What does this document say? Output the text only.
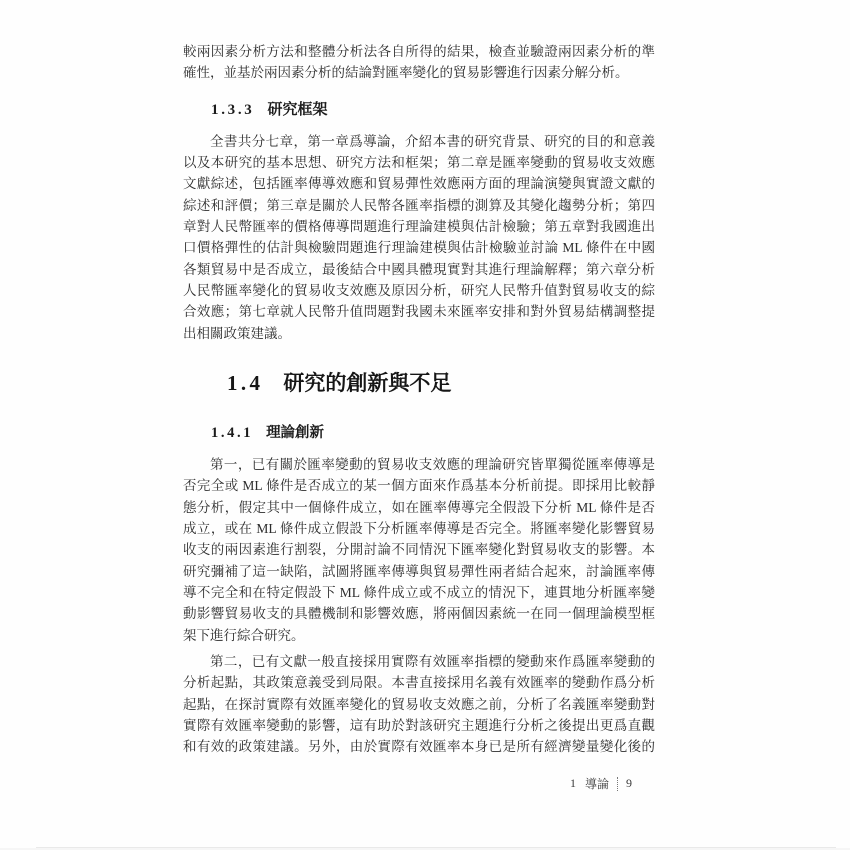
較兩因素分析方法和整體分析法各自所得的結果，檢查並驗證兩因素分析的準
確性，並基於兩因素分析的結論對匯率變化的貿易影響進行因素分解分析。
1.3.3 研究框架
全書共分七章，第一章爲導論，介紹本書的研究背景、研究的目的和意義
以及本研究的基本思想、研究方法和框架；第二章是匯率變動的貿易收支效應
文獻綜述，包括匯率傳導效應和貿易彈性效應兩方面的理論演變與實證文獻的
綜述和評價；第三章是關於人民幣各匯率指標的測算及其變化趨勢分析；第四
章對人民幣匯率的價格傳導問題進行理論建模與估計檢驗；第五章對我國進出
口價格彈性的估計與檢驗問題進行理論建模與估計檢驗並討論 ML 條件在中國
各類貿易中是否成立，最後結合中國具體現實對其進行理論解釋；第六章分析
人民幣匯率變化的貿易收支效應及原因分析，研究人民幣升值對貿易收支的綜
合效應；第七章就人民幣升值問題對我國未來匯率安排和對外貿易結構調整提
出相關政策建議。
1.4 研究的創新與不足
1.4.1 理論創新
第一，已有關於匯率變動的貿易收支效應的理論研究皆單獨從匯率傳導是
否完全或 ML 條件是否成立的某一個方面來作爲基本分析前提。即採用比較靜
態分析，假定其中一個條件成立，如在匯率傳導完全假設下分析 ML 條件是否
成立，或在 ML 條件成立假設下分析匯率傳導是否完全。將匯率變化影響貿易
收支的兩因素進行割裂，分開討論不同情況下匯率變化對貿易收支的影響。本
研究彌補了這一缺陷，試圖將匯率傳導與貿易彈性兩者結合起來，討論匯率傳
導不完全和在特定假設下 ML 條件成立或不成立的情況下，連貫地分析匯率變
動影響貿易收支的具體機制和影響效應，將兩個因素統一在同一個理論模型框
架下進行綜合研究。
第二，已有文獻一般直接採用實際有效匯率指標的變動來作爲匯率變動的
分析起點，其政策意義受到局限。本書直接採用名義有效匯率的變動作爲分析
起點，在探討實際有效匯率變化的貿易收支效應之前，分析了名義匯率變動對
實際有效匯率變動的影響，這有助於對該研究主題進行分析之後提出更爲直觀
和有效的政策建議。另外，由於實際有效匯率本身已是所有經濟變量變化後的
1 導論 9
